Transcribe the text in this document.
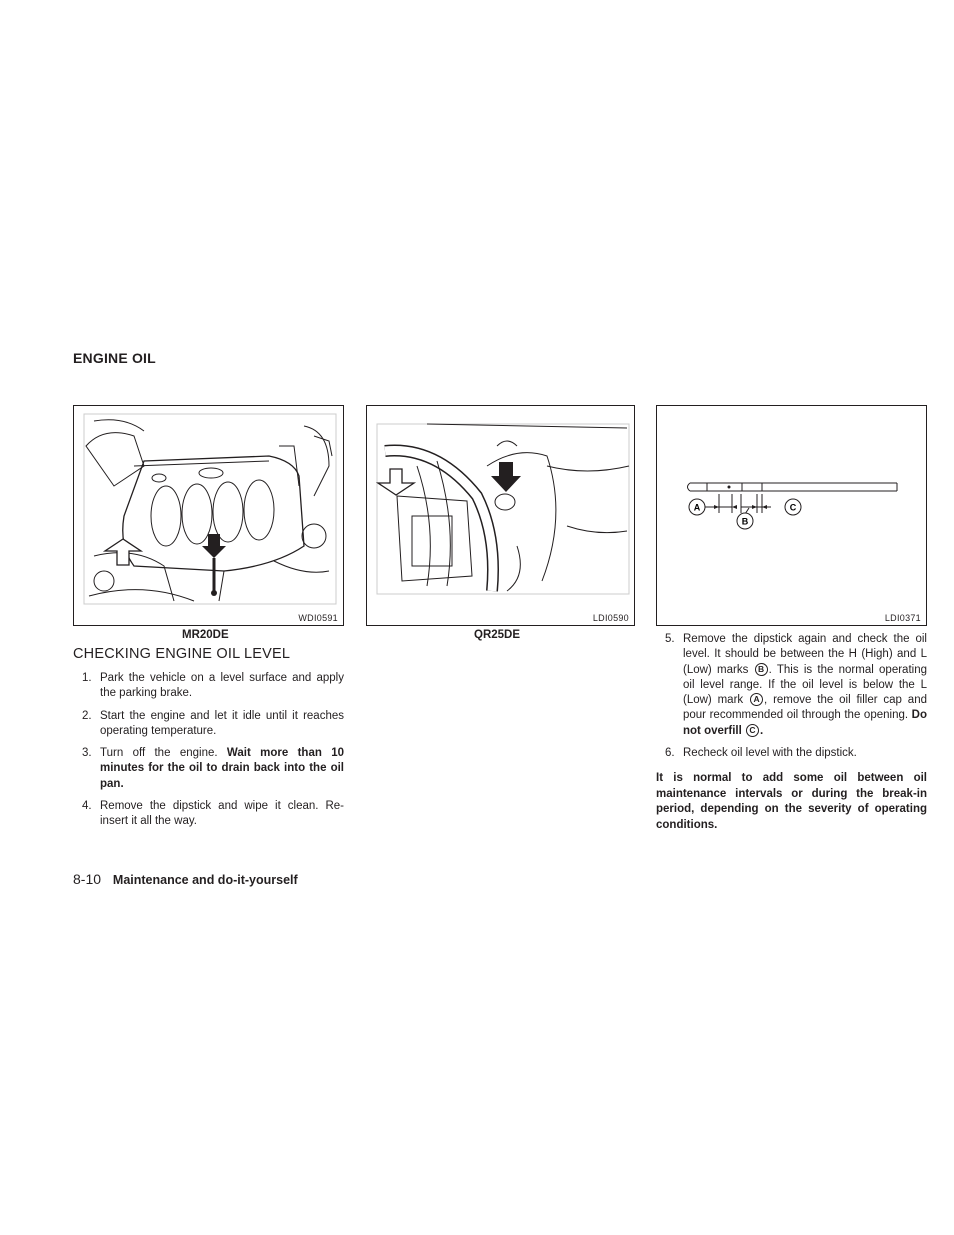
ENGINE OIL
WDI0591	LDI0590
A
B
C
LDI0371
MR20DE	QR25DE
CHECKING ENGINE OIL LEVEL
1. Park the vehicle on a level surface and apply the parking brake.
2. Start the engine and let it idle until it reaches operating temperature.
3. Turn off the engine. Wait more than 10 minutes for the oil to drain back into the oil pan.
4. Remove the dipstick and wipe it clean. Re-insert it all the way.
5. Remove the dipstick again and check the oil level. It should be between the H (High) and L (Low) marks B . This is the normal operating oil level range. If the oil level is below the L (Low) mark A , remove the oil filler cap and pour recommended oil through the opening. Do not overfill C .
6. Recheck oil level with the dipstick.

It is normal to add some oil between oil maintenance intervals or during the break-in period, depending on the severity of operating conditions.

8-10 Maintenance and do-it-yourself
